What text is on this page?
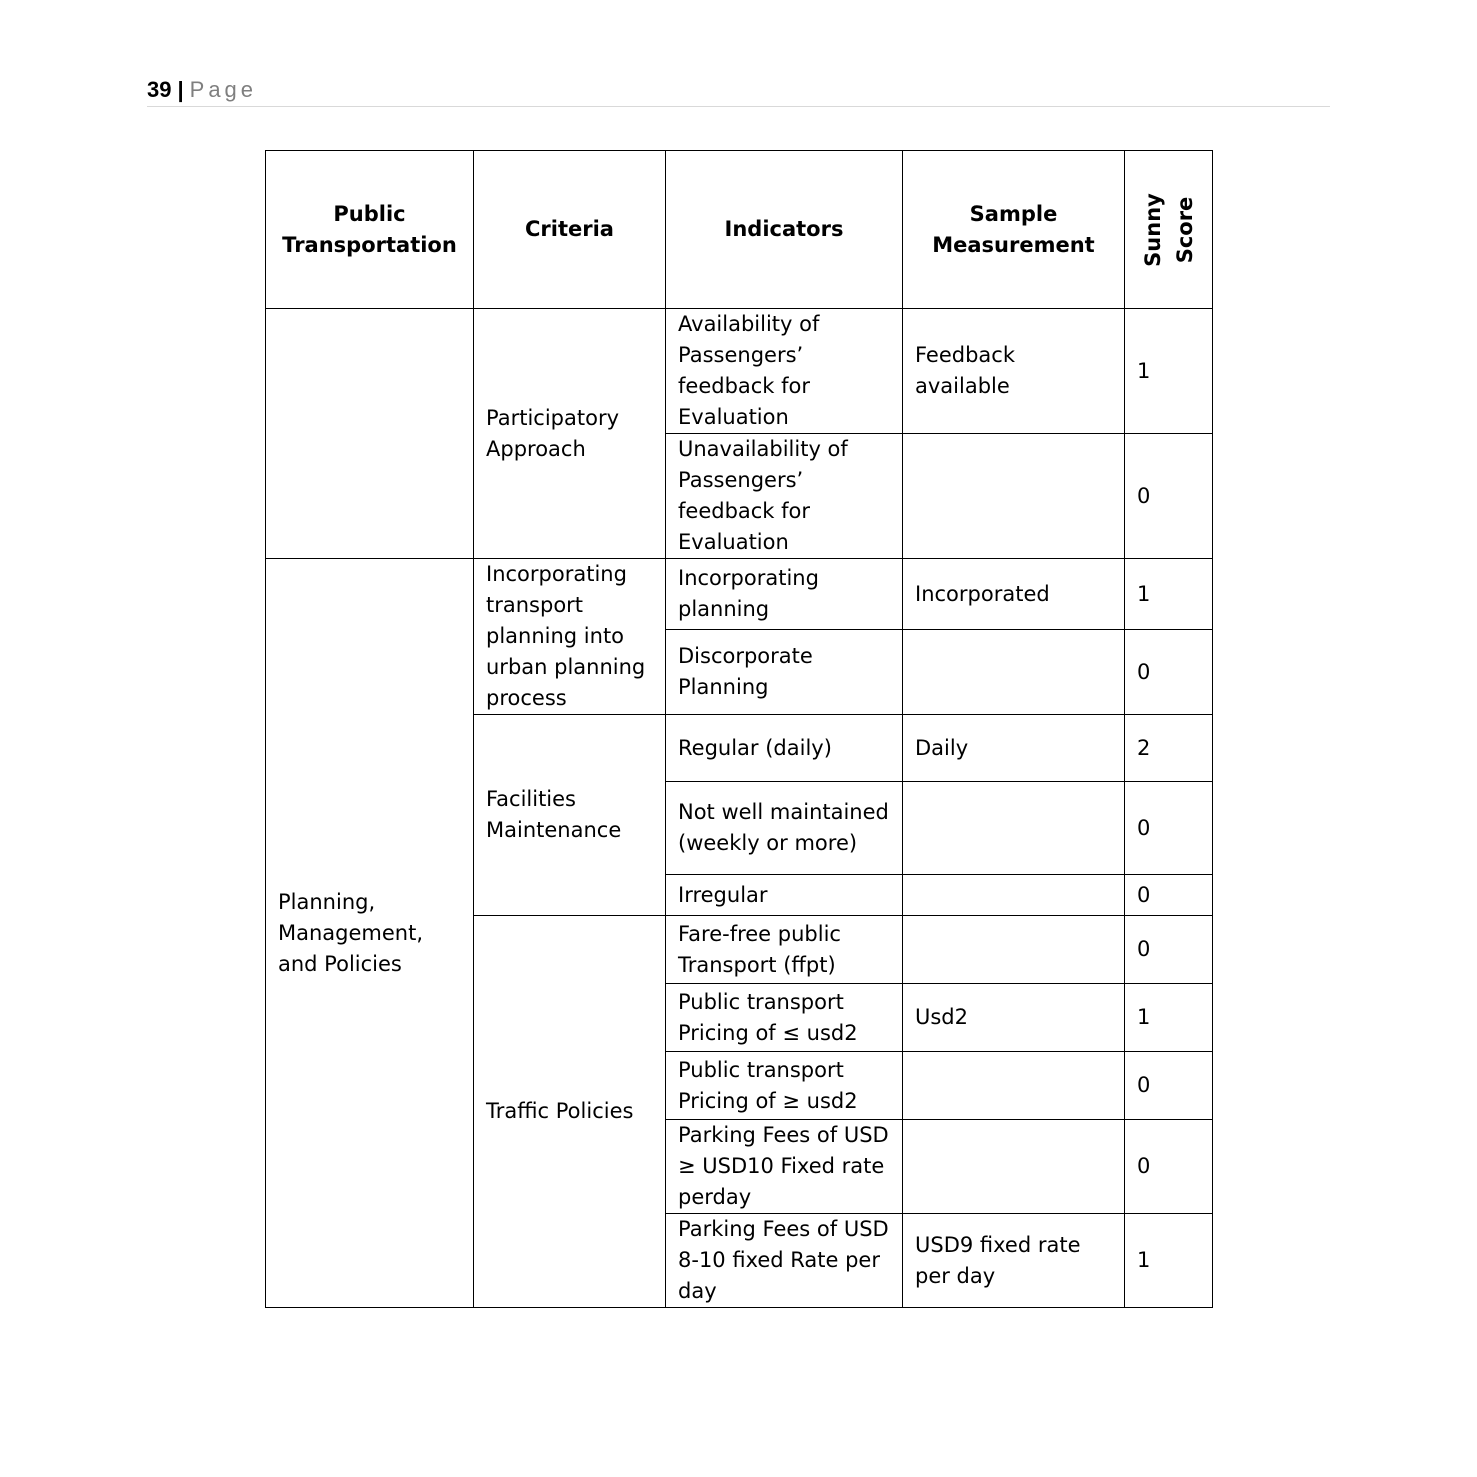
39 | Page
Public Transportation	Criteria	Indicators	Sample Measurement	Sunny Score

	Participatory Approach	Availability of Passengers’ feedback for Evaluation	Feedback available	1
		Unavailability of Passengers’ feedback for Evaluation		0
Planning, Management, and Policies	Incorporating transport planning into urban planning process	Incorporating planning	Incorporated	1
		Discorporate Planning		0
	Facilities Maintenance	Regular (daily)	Daily	2
		Not well maintained (weekly or more)		0
		Irregular		0
	Traffic Policies	Fare-free public Transport (ffpt)		0
		Public transport Pricing of ≤ usd2	Usd2	1
		Public transport Pricing of ≥ usd2		0
		Parking Fees of USD ≥ USD10 Fixed rate perday		0
		Parking Fees of USD 8-10 fixed Rate per day	USD9 fixed rate per day	1
